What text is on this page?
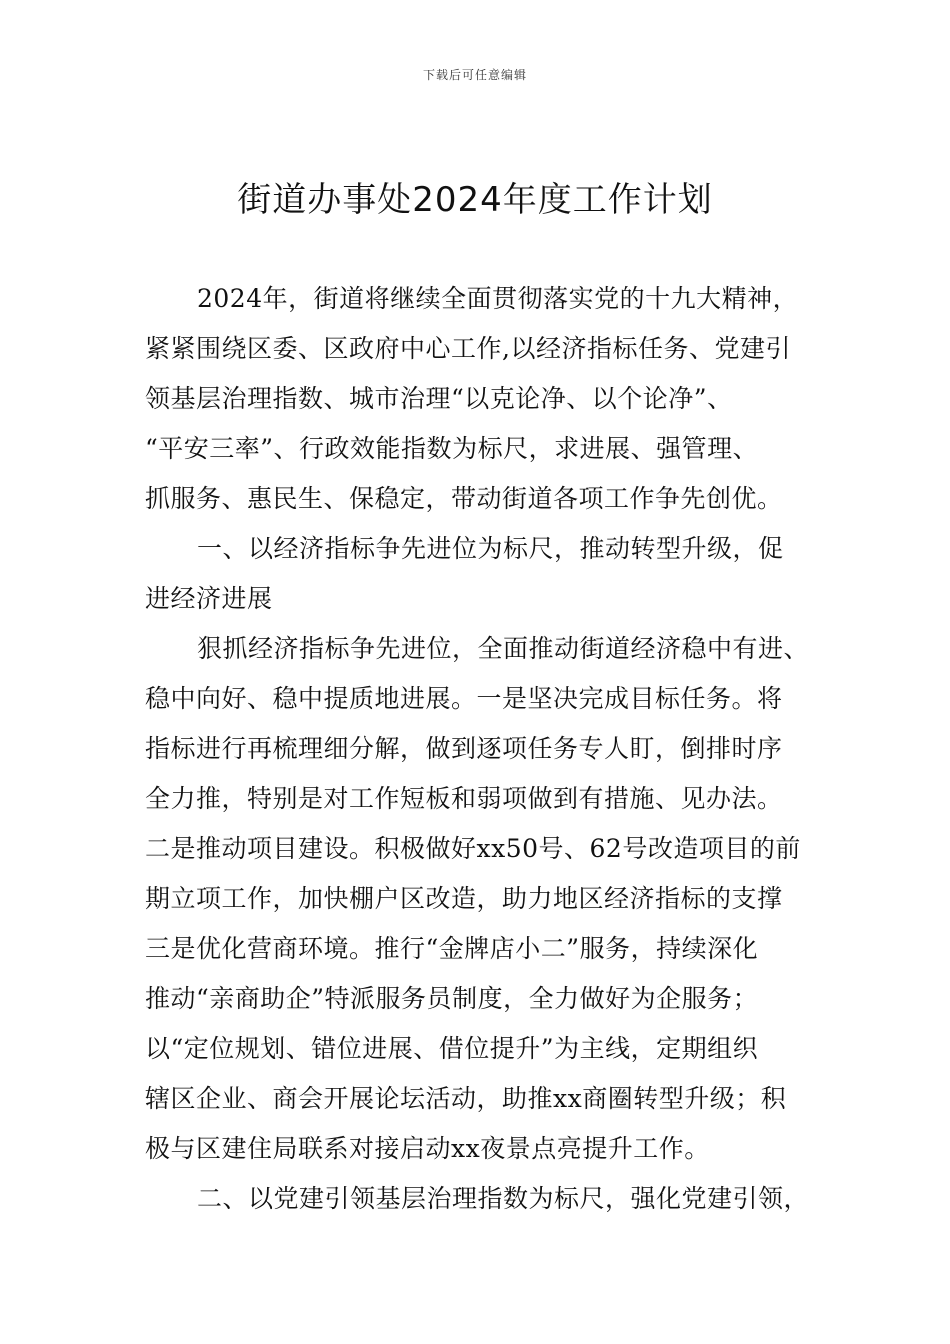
下载后可任意编辑
街道办事处2024年度工作计划
2024年，街道将继续全面贯彻落实党的十九大精神，
紧紧围绕区委、区政府中心工作,以经济指标任务、党建引
领基层治理指数、城市治理“以克论净、以个论净”、
“平安三率”、行政效能指数为标尺，求进展、强管理、
抓服务、惠民生、保稳定，带动街道各项工作争先创优。
一、以经济指标争先进位为标尺，推动转型升级，促
进经济进展
狠抓经济指标争先进位，全面推动街道经济稳中有进、
稳中向好、稳中提质地进展。一是坚决完成目标任务。将
指标进行再梳理细分解，做到逐项任务专人盯，倒排时序
全力推，特别是对工作短板和弱项做到有措施、见办法。
二是推动项目建设。积极做好xx50号、62号改造项目的前
期立项工作，加快棚户区改造，助力地区经济指标的支撑
三是优化营商环境。推行“金牌店小二”服务，持续深化
推动“亲商助企”特派服务员制度，全力做好为企服务；
以“定位规划、错位进展、借位提升”为主线，定期组织
辖区企业、商会开展论坛活动，助推xx商圈转型升级；积
极与区建住局联系对接启动xx夜景点亮提升工作。
二、以党建引领基层治理指数为标尺，强化党建引领，
